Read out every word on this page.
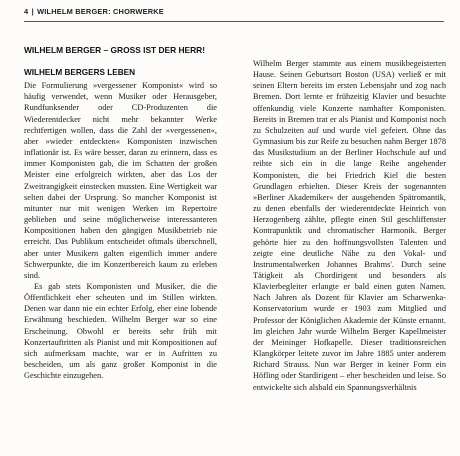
4 | WILHELM BERGER: CHORWERKE
WILHELM BERGER – GROSS IST DER HERR!
WILHELM BERGERS LEBEN

Die Formulierung »vergessener Komponist« wird so häufig verwendet, wenn Musiker oder Herausgeber, Rundfunksender oder CD-Produzenten die Wiederentdecker nicht mehr bekannter Werke rechtfertigen wollen, dass die Zahl der »vergessenen«, aber »wieder entdeckten« Komponisten inzwischen inflationär ist. Es wäre besser, daran zu erinnern, dass es immer Komponisten gab, die im Schatten der großen Meister eine erfolgreich wirkten, aber das Los der Zweitrangigkeit einstecken mussten. Eine Wertigkeit war selten dabei der Ursprung. So mancher Komponist ist mitunter nur mit wenigen Werken im Repertoire geblieben und seine möglicherweise interessanteren Kompositionen haben den gängigen Musikbetrieb nie erreicht. Das Publikum entscheidet oftmals überschnell, aber unter Musikern galten eigentlich immer andere Schwerpunkte, die im Konzertbereich kaum zu erleben sind.

Es gab stets Komponisten und Musiker, die die Öffentlichkeit eher scheuten und im Stillen wirkten. Denen war dann nie ein echter Erfolg, eher eine lobende Erwähnung beschieden. Wilhelm Berger war so eine Erscheinung. Obwohl er bereits sehr früh mit Konzertauftritten als Pianist und mit Kompositionen auf sich aufmerksam machte, war er in Aufritten zu bescheiden, um als ganz großer Komponist in die Geschichte einzugehen.

Wilhelm Berger stammte aus einem musikbegeisterten Hause. Seinen Geburtsort Boston (USA) verließ er mit seinen Eltern bereits im ersten Lebensjahr und zog nach Bremen. Dort lernte er frühzeitig Klavier und besuchte offenkundig viele Konzerte namhafter Komponisten. Bereits in Bremen trat er als Pianist und Komponist noch zu Schulzeiten auf und wurde viel gefeiert. Ohne das Gymnasium bis zur Reife zu besuchen nahm Berger 1878 das Musikstudium an der Berliner Hochschule auf und reihte sich ein in die lange Reihe angehender Komponisten, die bei Friedrich Kiel die besten Grundlagen erhielten. Dieser Kreis der sogenannten »Berliner Akademiker« der ausgehenden Spätromantik, zu denen ebenfalls der wiederentdeckte Heinrich von Herzogenberg zählte, pflegte einen Stil geschliffenster Kontrapunktik und chromatischer Harmonik. Berger gehörte hier zu den hoffnungsvollsten Talenten und zeigte eine deutliche Nähe zu den Vokal- und Instrumentalwerken Johannes Brahms'. Durch seine Tätigkeit als Chordirigent und besonders als Klavierbegleiter erlangte er bald einen guten Namen. Nach Jahren als Dozent für Klavier am Scharwenka-Konservatorium wurde er 1903 zum Mitglied und Professor der Königlichen Akademie der Künste ernannt. Im gleichen Jahr wurde Wilhelm Berger Kapellmeister der Meininger Hofkapelle. Dieser traditionsreichen Klangkörper leitete zuvor im Jahre 1885 unter anderem Richard Strauss. Nun war Berger in keiner Form ein Höfling oder Stardirigent – eher bescheiden und leise. So entwickelte sich alsbald ein Spannungsverhältnis
